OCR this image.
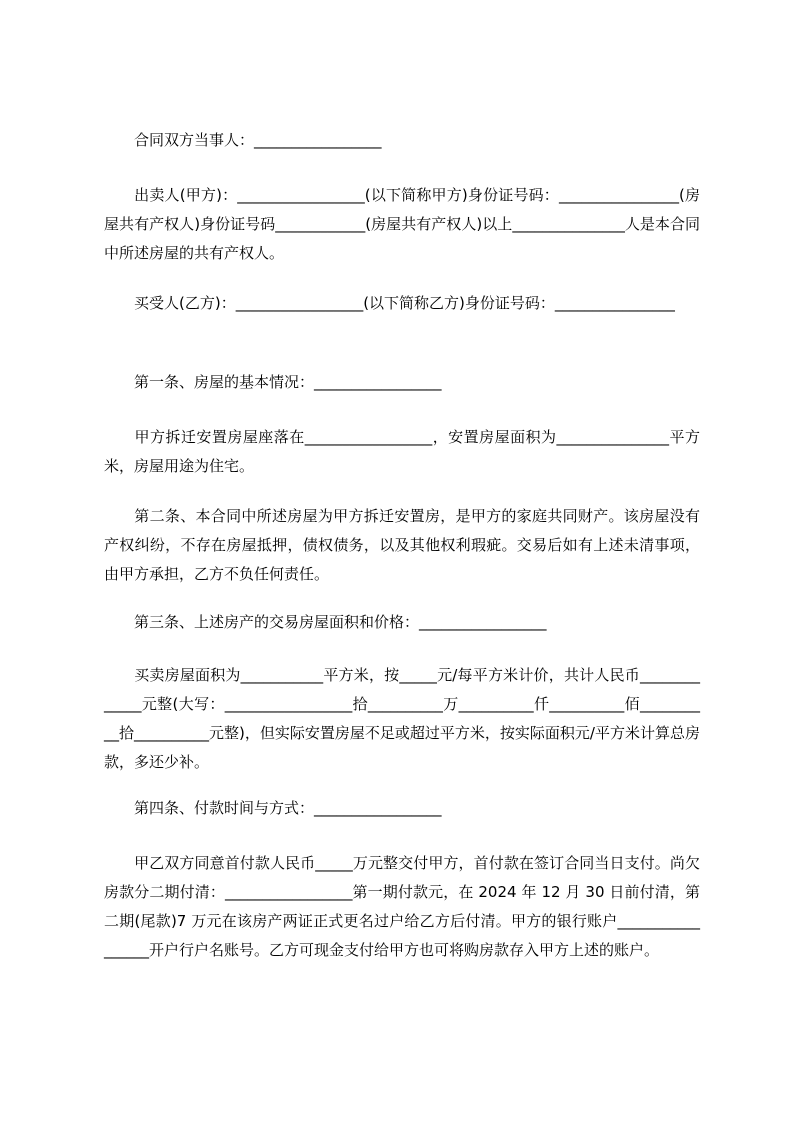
合同双方当事人：_________________

出卖人(甲方)：_________________(以下简称甲方)身份证号码：________________(房屋共有产权人)身份证号码____________(房屋共有产权人)以上_______________人是本合同中所述房屋的共有产权人。

买受人(乙方)：_________________(以下简称乙方)身份证号码：________________

第一条、房屋的基本情况：_________________

甲方拆迁安置房屋座落在_________________，安置房屋面积为_______________平方米，房屋用途为住宅。

第二条、本合同中所述房屋为甲方拆迁安置房，是甲方的家庭共同财产。该房屋没有产权纠纷，不存在房屋抵押，债权债务，以及其他权利瑕疵。交易后如有上述未清事项，由甲方承担，乙方不负任何责任。

第三条、上述房产的交易房屋面积和价格：_________________

买卖房屋面积为___________平方米，按_____元/每平方米计价，共计人民币_____________元整(大写：_________________拾__________万__________仟__________佰__________拾__________元整)，但实际安置房屋不足或超过平方米，按实际面积元/平方米计算总房款，多还少补。

第四条、付款时间与方式：_________________

甲乙双方同意首付款人民币_____万元整交付甲方，首付款在签订合同当日支付。尚欠房款分二期付清：_________________第一期付款元，在 2024 年 12 月 30 日前付清，第二期(尾款)7 万元在该房产两证正式更名过户给乙方后付清。甲方的银行账户_________________开户行户名账号。乙方可现金支付给甲方也可将购房款存入甲方上述的账户。
